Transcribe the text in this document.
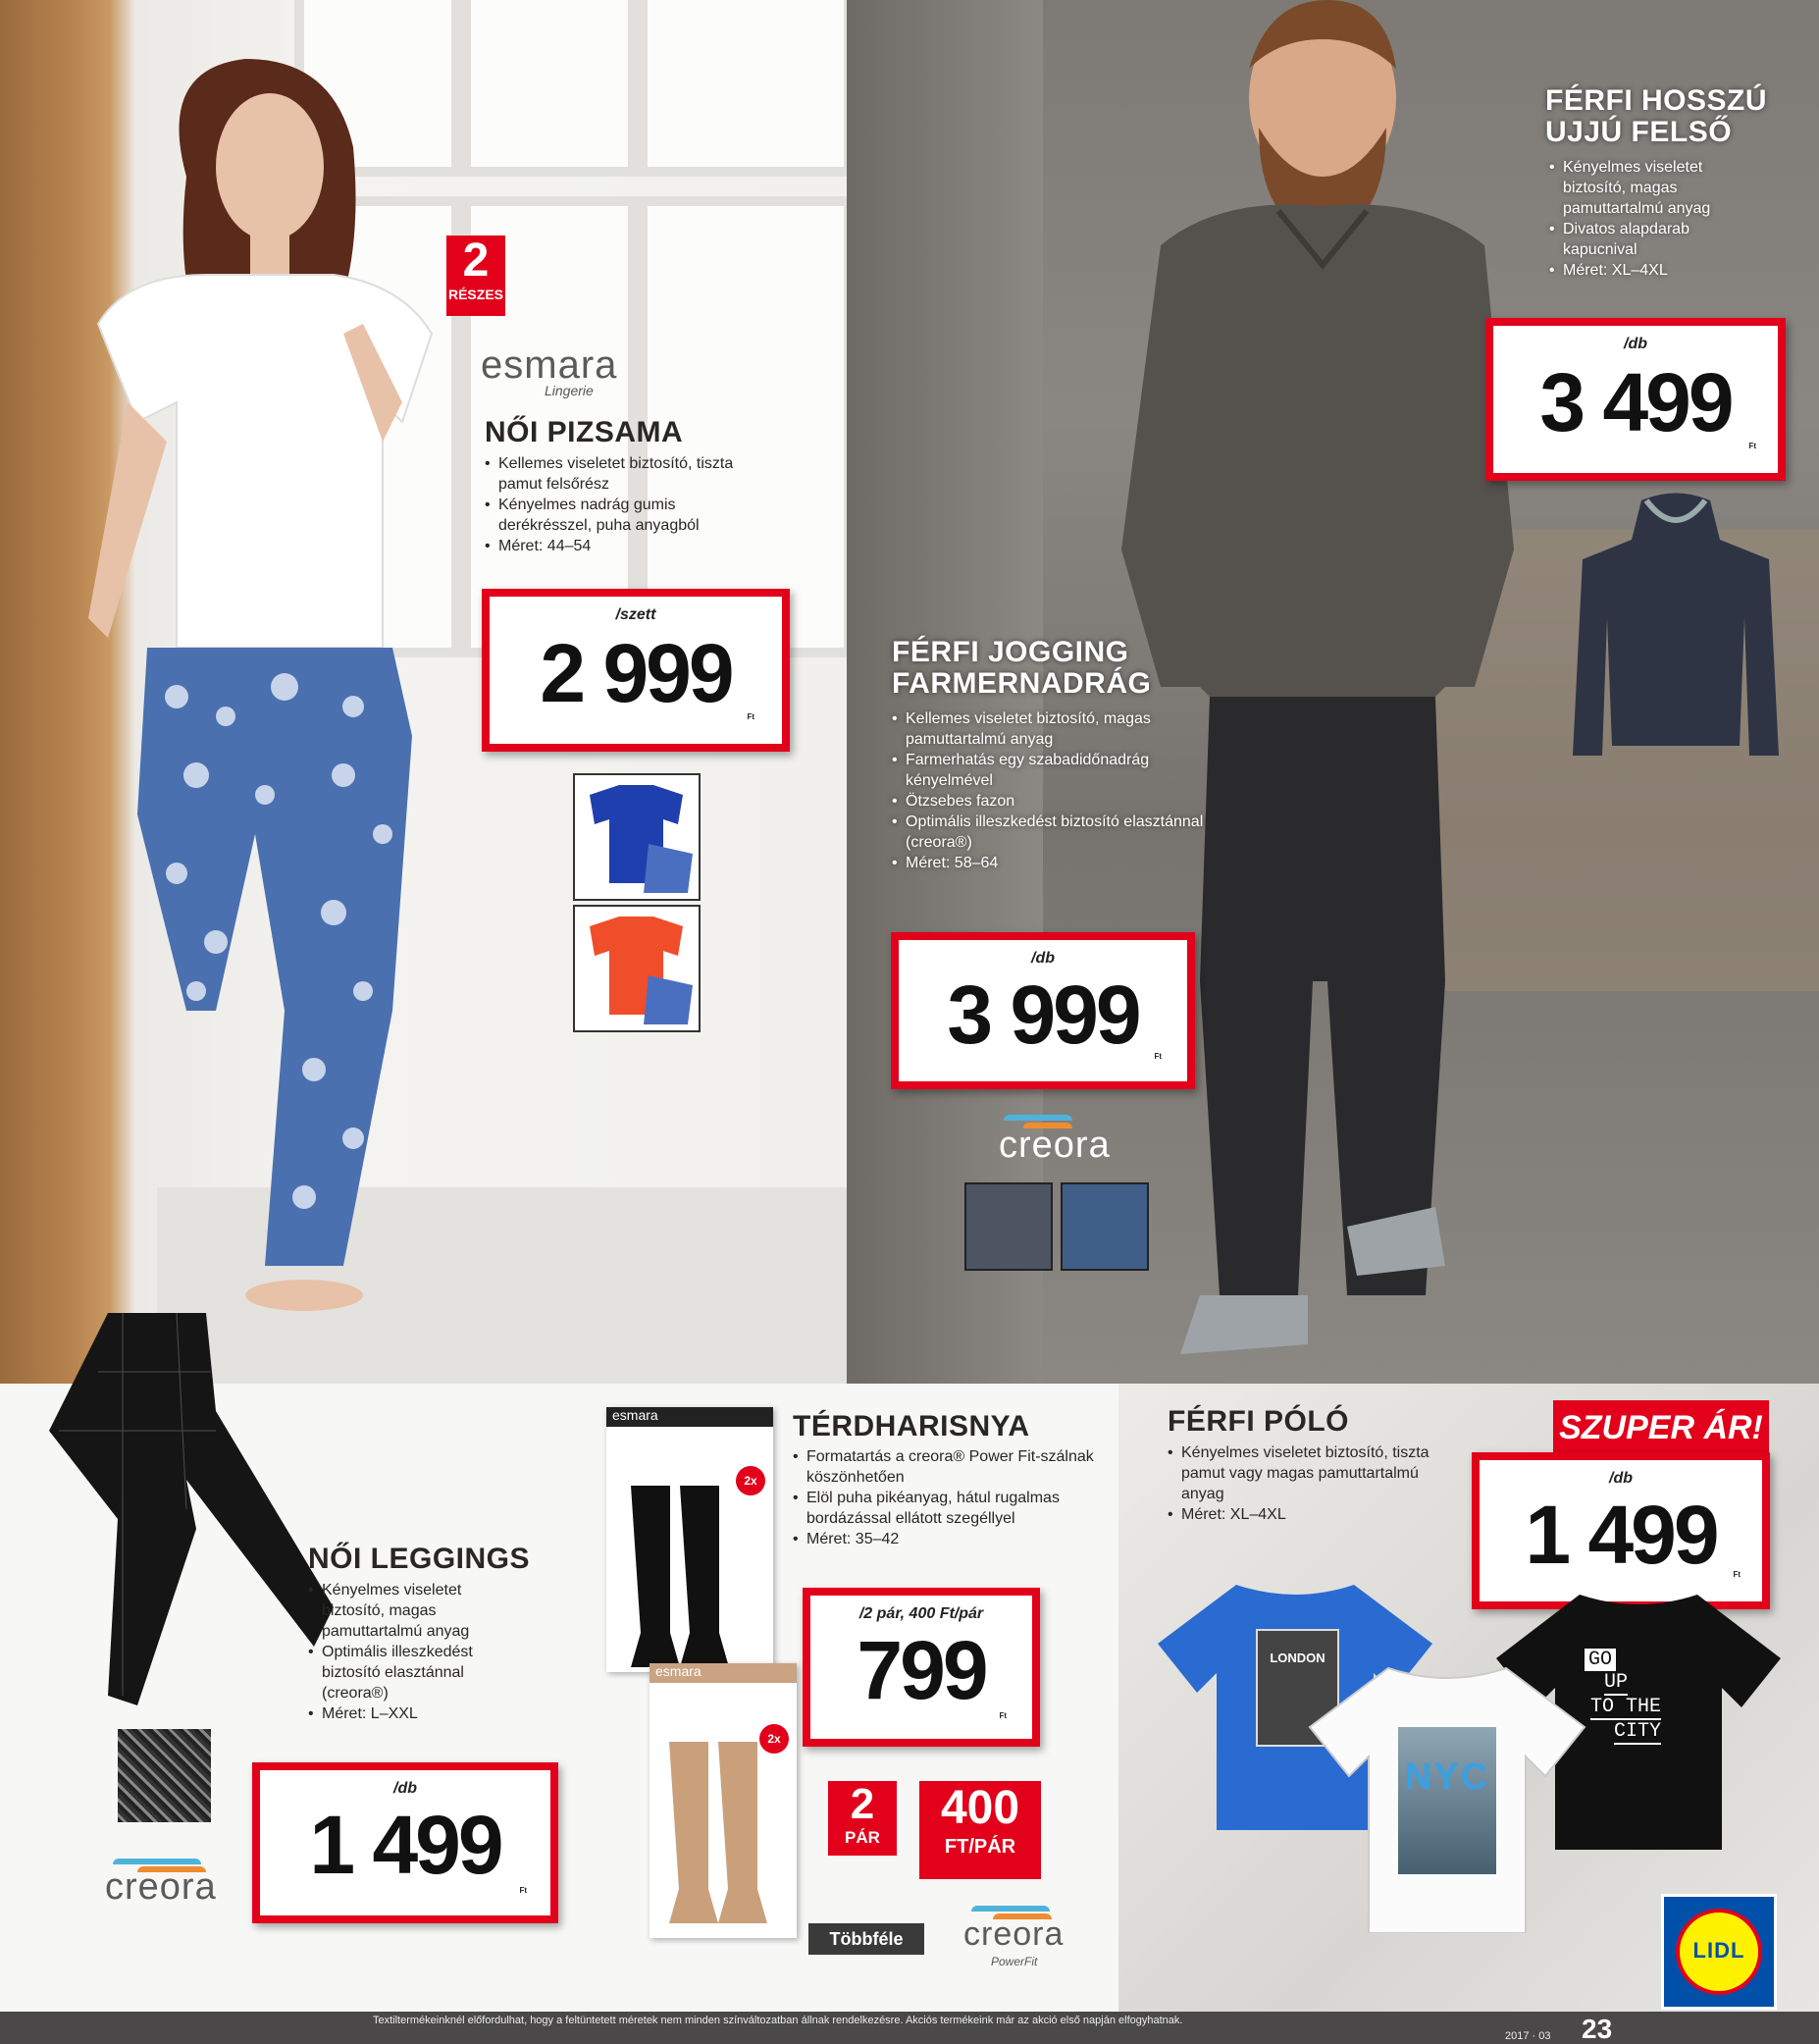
2
RÉSZES
esmara
Lingerie
NŐI PIZSAMA
• Kellemes viseletet biztosító, tiszta pamut felsőrész
• Kényelmes nadrág gumis derékrésszel, puha anyagból
• Méret: 44–54
/szett
2 999	Ft
FÉRFI HOSSZÚ
UJJÚ FELSŐ
• Kényelmes viseletet biztosító, magas pamuttartalmú anyag
• Divatos alapdarab kapucnival
• Méret: XL–4XL
/db
3 499	Ft
FÉRFI JOGGING
FARMERNADRÁG
• Kellemes viseletet biztosító, magas pamuttartalmú anyag
• Farmerhatás egy szabadidőnadrág kényelmével
• Ötzsebes fazon
• Optimális illeszkedést biztosító elasztánnal (creora®)
• Méret: 58–64
/db
3 999	Ft
creora
NŐI LEGGINGS
• Kényelmes viseletet biztosító, magas pamuttartalmú anyag
• Optimális illeszkedést biztosító elasztánnal (creora®)
• Méret: L–XXL
creora
/db
1 499	Ft
esmara
2x
esmara
2x
TÉRDHARISNYA
• Formatartás a creora® Power Fit-szálnak köszönhetően
• Elöl puha pikéanyag, hátul rugalmas bordázással ellátott szegéllyel
• Méret: 35–42
/2 pár, 400 Ft/pár
799	Ft
2
PÁR
400
FT/PÁR
Többféle	creora
PowerFit
FÉRFI PÓLÓ
• Kényelmes viseletet biztosító, tiszta pamut vagy magas pamuttartalmú anyag
• Méret: XL–4XL
SZUPER ÁR!
/db
1 499	Ft
LONDON	GO
UP
TO THE
CITY
NYC
LIDL
Textiltermékeinknél előfordulhat, hogy a feltüntetett méretek nem minden színváltozatban állnak rendelkezésre. Akciós termékeink már az akció első napján elfogyhatnak.
2017 · 03 23
